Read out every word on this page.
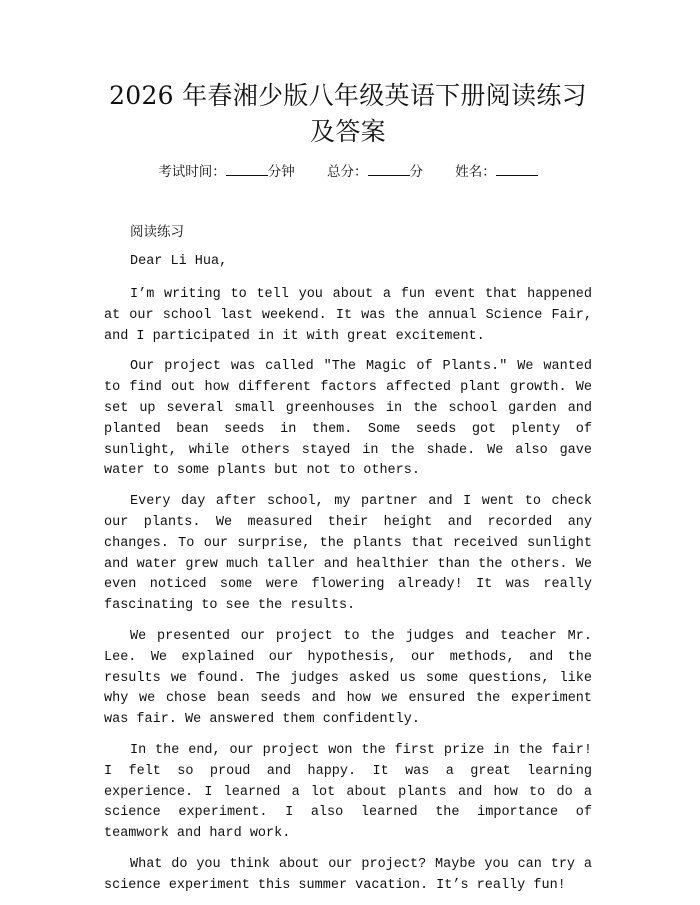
2026 年春湘少版八年级英语下册阅读练习及答案
考试时间：	分钟 总分：	分 姓名：
阅读练习
Dear Li Hua,

I’m writing to tell you about a fun event that happened at our school last weekend. It was the annual Science Fair, and I participated in it with great excitement.

Our project was called "The Magic of Plants." We wanted to find out how different factors affected plant growth. We set up several small greenhouses in the school garden and planted bean seeds in them. Some seeds got plenty of sunlight, while others stayed in the shade. We also gave water to some plants but not to others.

Every day after school, my partner and I went to check our plants. We measured their height and recorded any changes. To our surprise, the plants that received sunlight and water grew much taller and healthier than the others. We even noticed some were flowering already! It was really fascinating to see the results.

We presented our project to the judges and teacher Mr. Lee. We explained our hypothesis, our methods, and the results we found. The judges asked us some questions, like why we chose bean seeds and how we ensured the experiment was fair. We answered them confidently.

In the end, our project won the first prize in the fair! I felt so proud and happy. It was a great learning experience. I learned a lot about plants and how to do a science experiment. I also learned the importance of teamwork and hard work.

What do you think about our project? Maybe you can try a science experiment this summer vacation. It’s really fun!
